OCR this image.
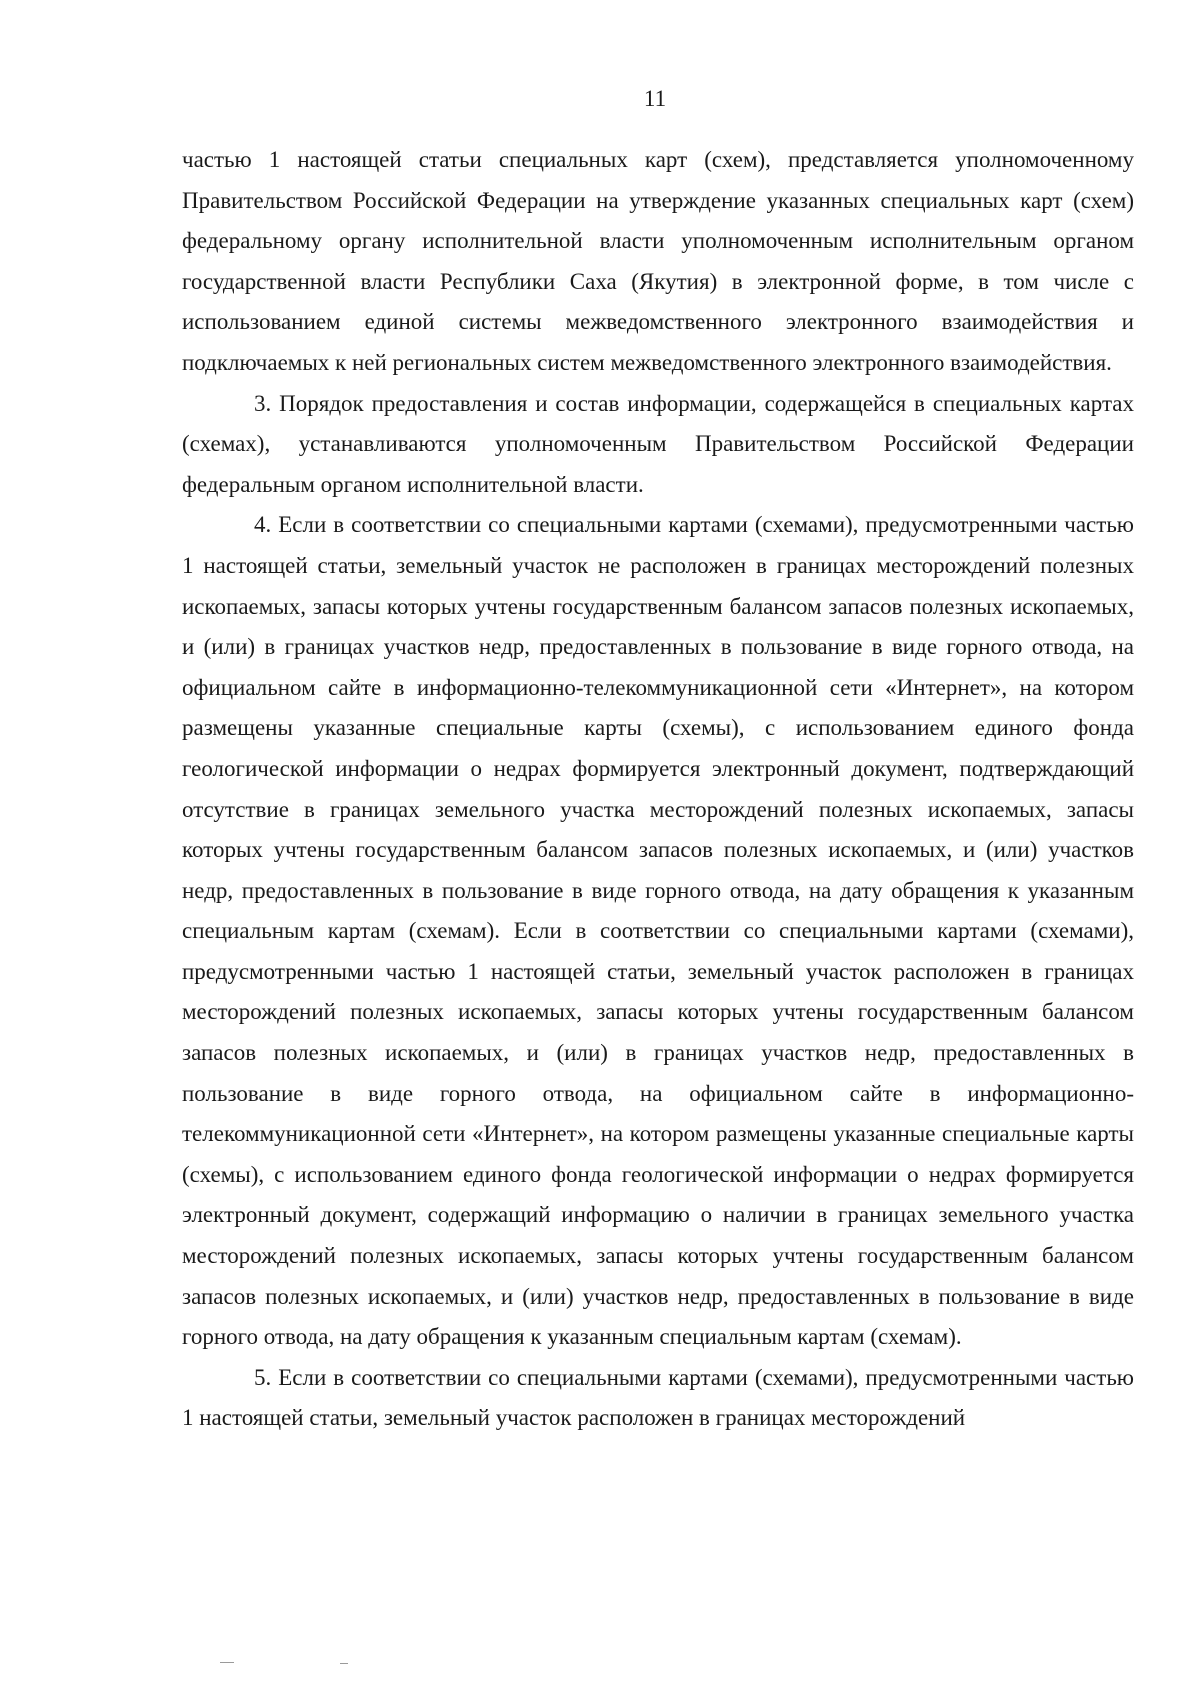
11

частью 1 настоящей статьи специальных карт (схем), представляется уполномоченному Правительством Российской Федерации на утверждение указанных специальных карт (схем) федеральному органу исполнительной власти уполномоченным исполнительным органом государственной власти Республики Саха (Якутия) в электронной форме, в том числе с использованием единой системы межведомственного электронного взаимодействия и подключаемых к ней региональных систем межведомственного электронного взаимодействия.

3. Порядок предоставления и состав информации, содержащейся в специальных картах (схемах), устанавливаются уполномоченным Правительством Российской Федерации федеральным органом исполнительной власти.

4. Если в соответствии со специальными картами (схемами), предусмотренными частью 1 настоящей статьи, земельный участок не расположен в границах месторождений полезных ископаемых, запасы которых учтены государственным балансом запасов полезных ископаемых, и (или) в границах участков недр, предоставленных в пользование в виде горного отвода, на официальном сайте в информационно-телекоммуникационной сети «Интернет», на котором размещены указанные специальные карты (схемы), с использованием единого фонда геологической информации о недрах формируется электронный документ, подтверждающий отсутствие в границах земельного участка месторождений полезных ископаемых, запасы которых учтены государственным балансом запасов полезных ископаемых, и (или) участков недр, предоставленных в пользование в виде горного отвода, на дату обращения к указанным специальным картам (схемам). Если в соответствии со специальными картами (схемами), предусмотренными частью 1 настоящей статьи, земельный участок расположен в границах месторождений полезных ископаемых, запасы которых учтены государственным балансом запасов полезных ископаемых, и (или) в границах участков недр, предоставленных в пользование в виде горного отвода, на официальном сайте в информационно-телекоммуникационной сети «Интернет», на котором размещены указанные специальные карты (схемы), с использованием единого фонда геологической информации о недрах формируется электронный документ, содержащий информацию о наличии в границах земельного участка месторождений полезных ископаемых, запасы которых учтены государственным балансом запасов полезных ископаемых, и (или) участков недр, предоставленных в пользование в виде горного отвода, на дату обращения к указанным специальным картам (схемам).

5. Если в соответствии со специальными картами (схемами), предусмотренными частью 1 настоящей статьи, земельный участок расположен в границах месторождений
